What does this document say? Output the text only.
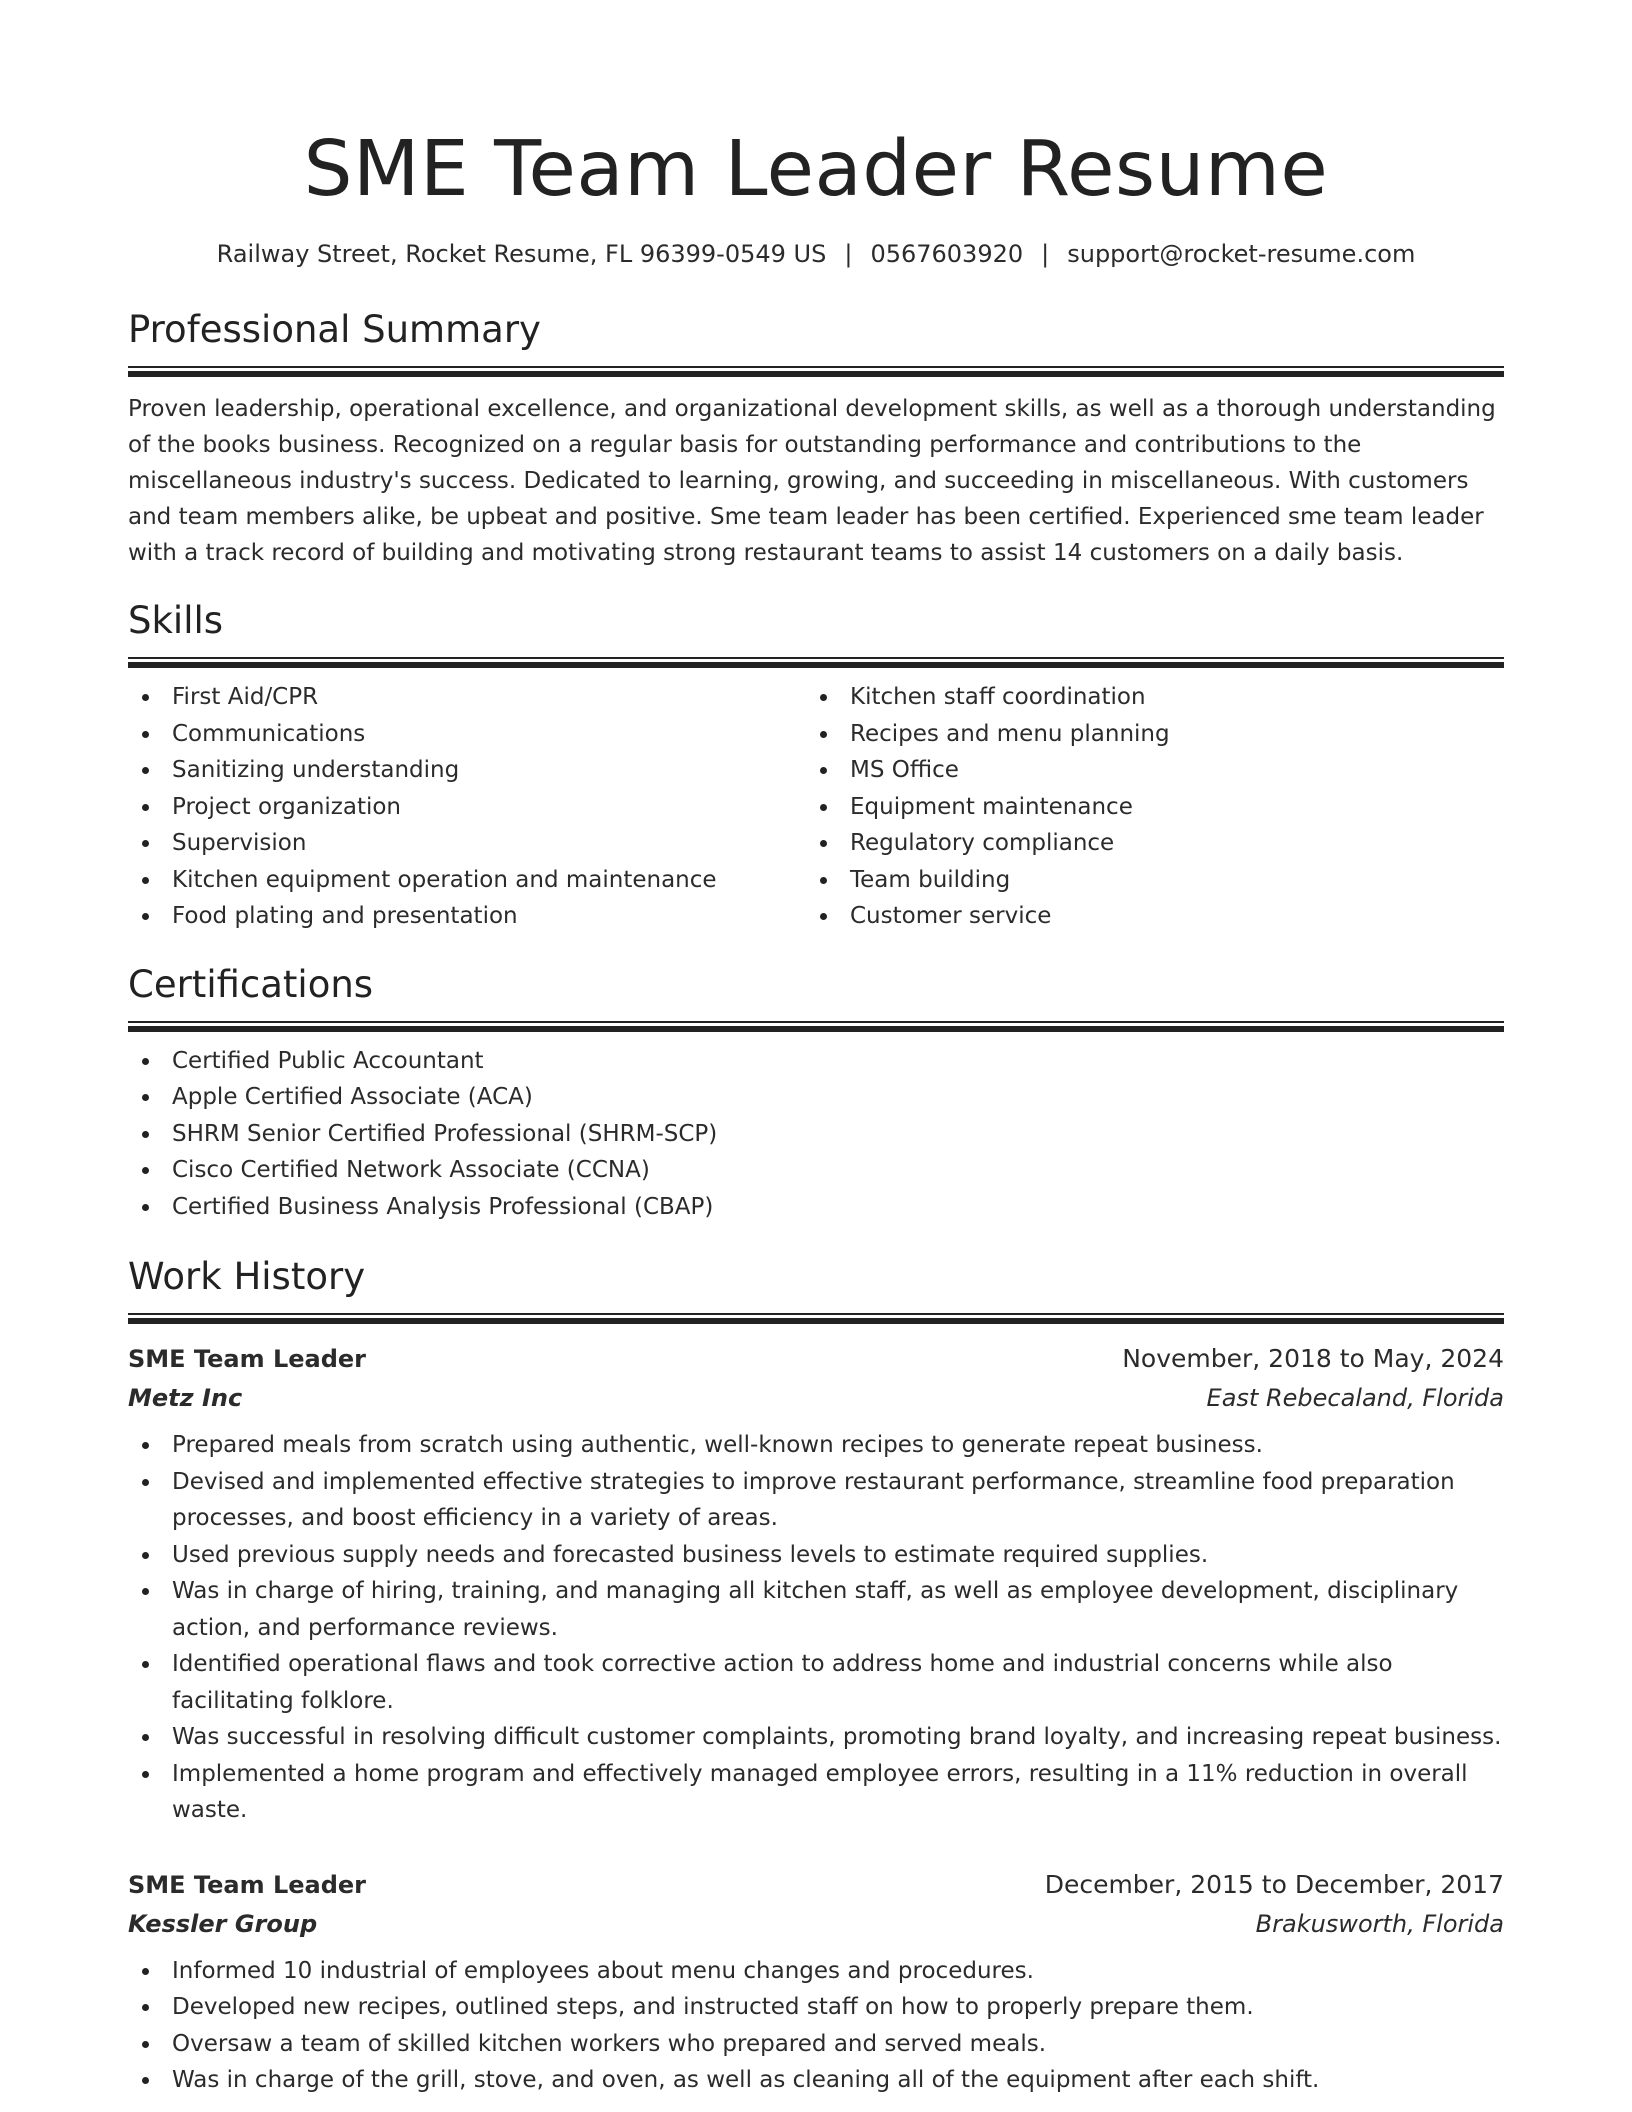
SME Team Leader Resume
Railway Street, Rocket Resume, FL 96399-0549 US | 0567603920 | support@rocket-resume.com
Professional Summary

Proven leadership, operational excellence, and organizational development skills, as well as a thorough understanding of the books business. Recognized on a regular basis for outstanding performance and contributions to the miscellaneous industry's success. Dedicated to learning, growing, and succeeding in miscellaneous. With customers and team members alike, be upbeat and positive. Sme team leader has been certified. Experienced sme team leader with a track record of building and motivating strong restaurant teams to assist 14 customers on a daily basis.

Skills
First Aid/CPR
Communications
Sanitizing understanding
Project organization
Supervision
Kitchen equipment operation and maintenance
Food plating and presentation
Kitchen staff coordination
Recipes and menu planning
MS Office
Equipment maintenance
Regulatory compliance
Team building
Customer service
Certifications
Certified Public Accountant
Apple Certified Associate (ACA)
SHRM Senior Certified Professional (SHRM-SCP)
Cisco Certified Network Associate (CCNA)
Certified Business Analysis Professional (CBAP)
Work History
SME Team Leader	November, 2018 to May, 2024
Metz Inc	East Rebecaland, Florida
Prepared meals from scratch using authentic, well-known recipes to generate repeat business.
Devised and implemented effective strategies to improve restaurant performance, streamline food preparation processes, and boost efficiency in a variety of areas.
Used previous supply needs and forecasted business levels to estimate required supplies.
Was in charge of hiring, training, and managing all kitchen staff, as well as employee development, disciplinary action, and performance reviews.
Identified operational flaws and took corrective action to address home and industrial concerns while also facilitating folklore.
Was successful in resolving difficult customer complaints, promoting brand loyalty, and increasing repeat business.
Implemented a home program and effectively managed employee errors, resulting in a 11% reduction in overall waste.
SME Team Leader	December, 2015 to December, 2017
Kessler Group	Brakusworth, Florida
Informed 10 industrial of employees about menu changes and procedures.
Developed new recipes, outlined steps, and instructed staff on how to properly prepare them.
Oversaw a team of skilled kitchen workers who prepared and served meals.
Was in charge of the grill, stove, and oven, as well as cleaning all of the equipment after each shift.
